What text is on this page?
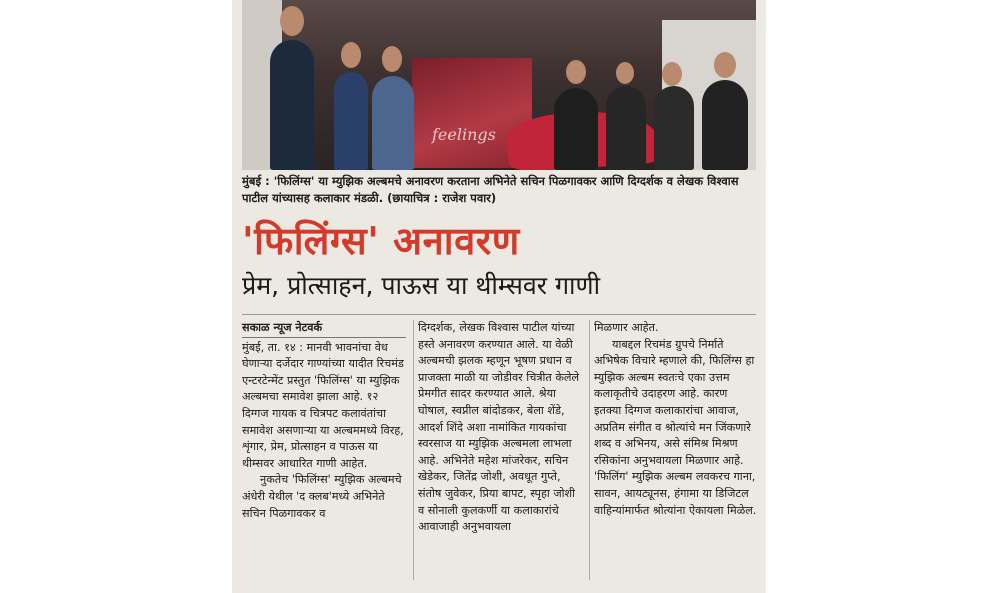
feelings
मुंबई : 'फिलिंग्स' या म्युझिक अल्बमचे अनावरण करताना अभिनेते सचिन पिळगावकर आणि दिग्दर्शक व लेखक विश्वास पाटील यांच्यासह कलाकार मंडळी. (छायाचित्र : राजेश पवार)
'फिलिंग्स' अनावरण
प्रेम, प्रोत्साहन, पाऊस या थीम्सवर गाणी
सकाळ न्यूज नेटवर्क

मुंबई, ता. १४ : मानवी भावनांचा वेध घेणाऱ्या दर्जेदार गाण्यांच्या यादीत रिचमंड एन्टरटेन्मेंट प्रस्तुत 'फिलिंग्स' या म्युझिक अल्बमचा समावेश झाला आहे. १२ दिग्गज गायक व चित्रपट कलावंतांचा समावेश असणाऱ्या या अल्बममध्ये विरह, शृंगार, प्रेम, प्रोत्साहन व पाऊस या थीम्सवर आधारित गाणी आहेत.

नुकतेच 'फिलिंग्स' म्युझिक अल्बमचे अंधेरी येथील 'द क्लब'मध्ये अभिनेते सचिन पिळगावकर व

दिग्दर्शक, लेखक विश्वास पाटील यांच्या हस्ते अनावरण करण्यात आले. या वेळी अल्बमची झलक म्हणून भूषण प्रधान व प्राजक्ता माळी या जोडीवर चित्रीत केलेले प्रेमगीत सादर करण्यात आले. श्रेया घोषाल, स्वप्नील बांदोडकर, बेला शेंडे, आदर्श शिंदे अशा नामांकित गायकांचा स्वरसाज या म्युझिक अल्बमला लाभला आहे. अभिनेते महेश मांजरेकर, सचिन खेडेकर, जितेंद्र जोशी, अवधूत गुप्ते, संतोष जुवेकर, प्रिया बापट, स्पृहा जोशी व सोनाली कुलकर्णी या कलाकारांचे आवाजाही अनुभवायला

मिळणार आहेत.

याबद्दल रिचमंड ग्रुपचे निर्माते अभिषेक विचारे म्हणाले की, फिलिंग्स हा म्युझिक अल्बम स्वतःचे एका उत्तम कलाकृतीचे उदाहरण आहे. कारण इतक्या दिग्गज कलाकारांचा आवाज, अप्रतिम संगीत व श्रोत्यांचे मन जिंकणारे शब्द व अभिनय, असे संमिश्र मिश्रण रसिकांना अनुभवायला मिळणार आहे. 'फिलिंग' म्युझिक अल्बम लवकरच गाना, सावन, आयट्यूनस, हंगामा या डिजिटल वाहिन्यांमार्फत श्रोत्यांना ऐकायला मिळेल.
